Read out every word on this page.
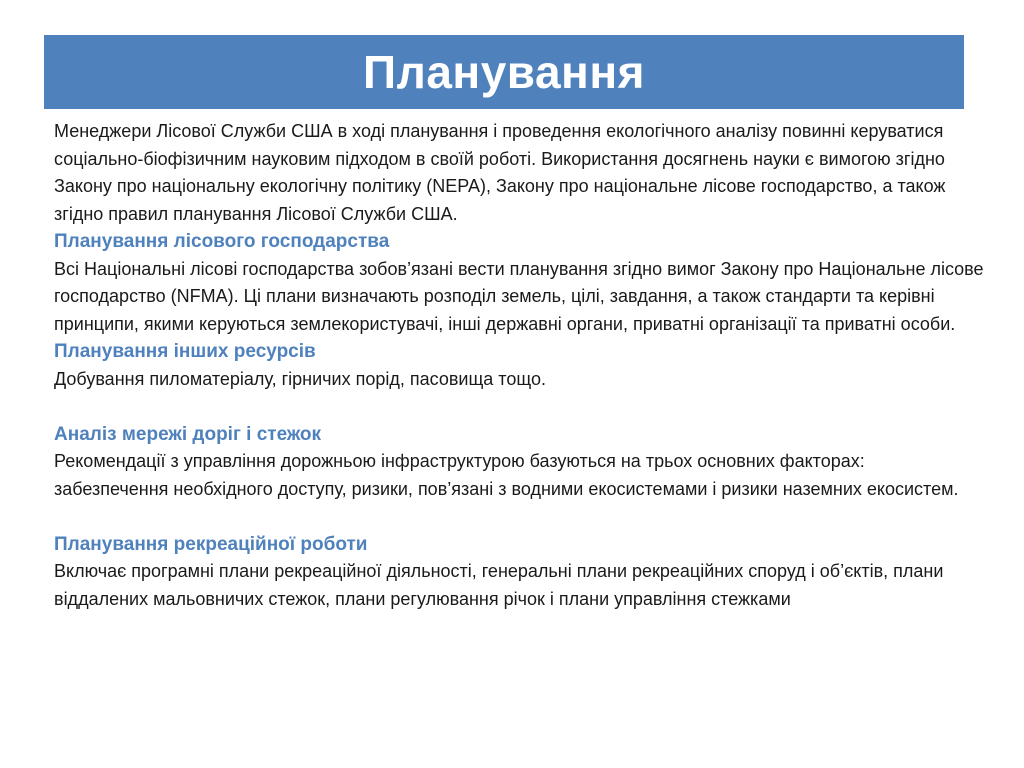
Планування

Менеджери Лісової Служби США в ході планування і проведення екологічного аналізу повинні керуватися соціально-біофізичним науковим підходом в своїй роботі. Використання досягнень науки є вимогою згідно Закону про національну екологічну політику (NEPA), Закону про національне лісове господарство, а також згідно правил планування Лісової Служби США.

Планування лісового господарства

Всі Національні лісові господарства зобов’язані вести планування згідно вимог Закону про Національне лісове господарство (NFMA). Ці плани визначають розподіл земель, цілі, завдання, а також стандарти та керівні принципи, якими керуються землекористувачі, інші державні органи, приватні організації та приватні особи.

Планування інших ресурсів

Добування пиломатеріалу, гірничих порід, пасовища тощо.

Аналіз мережі доріг і стежок

Рекомендації з управління дорожньою інфраструктурою базуються на трьох основних факторах: забезпечення необхідного доступу, ризики, пов’язані з водними екосистемами і ризики наземних екосистем.

Планування рекреаційної роботи

Включає програмні плани рекреаційної діяльності, генеральні плани рекреаційних споруд і об’єктів, плани віддалених мальовничих стежок, плани регулювання річок і плани управління стежками
